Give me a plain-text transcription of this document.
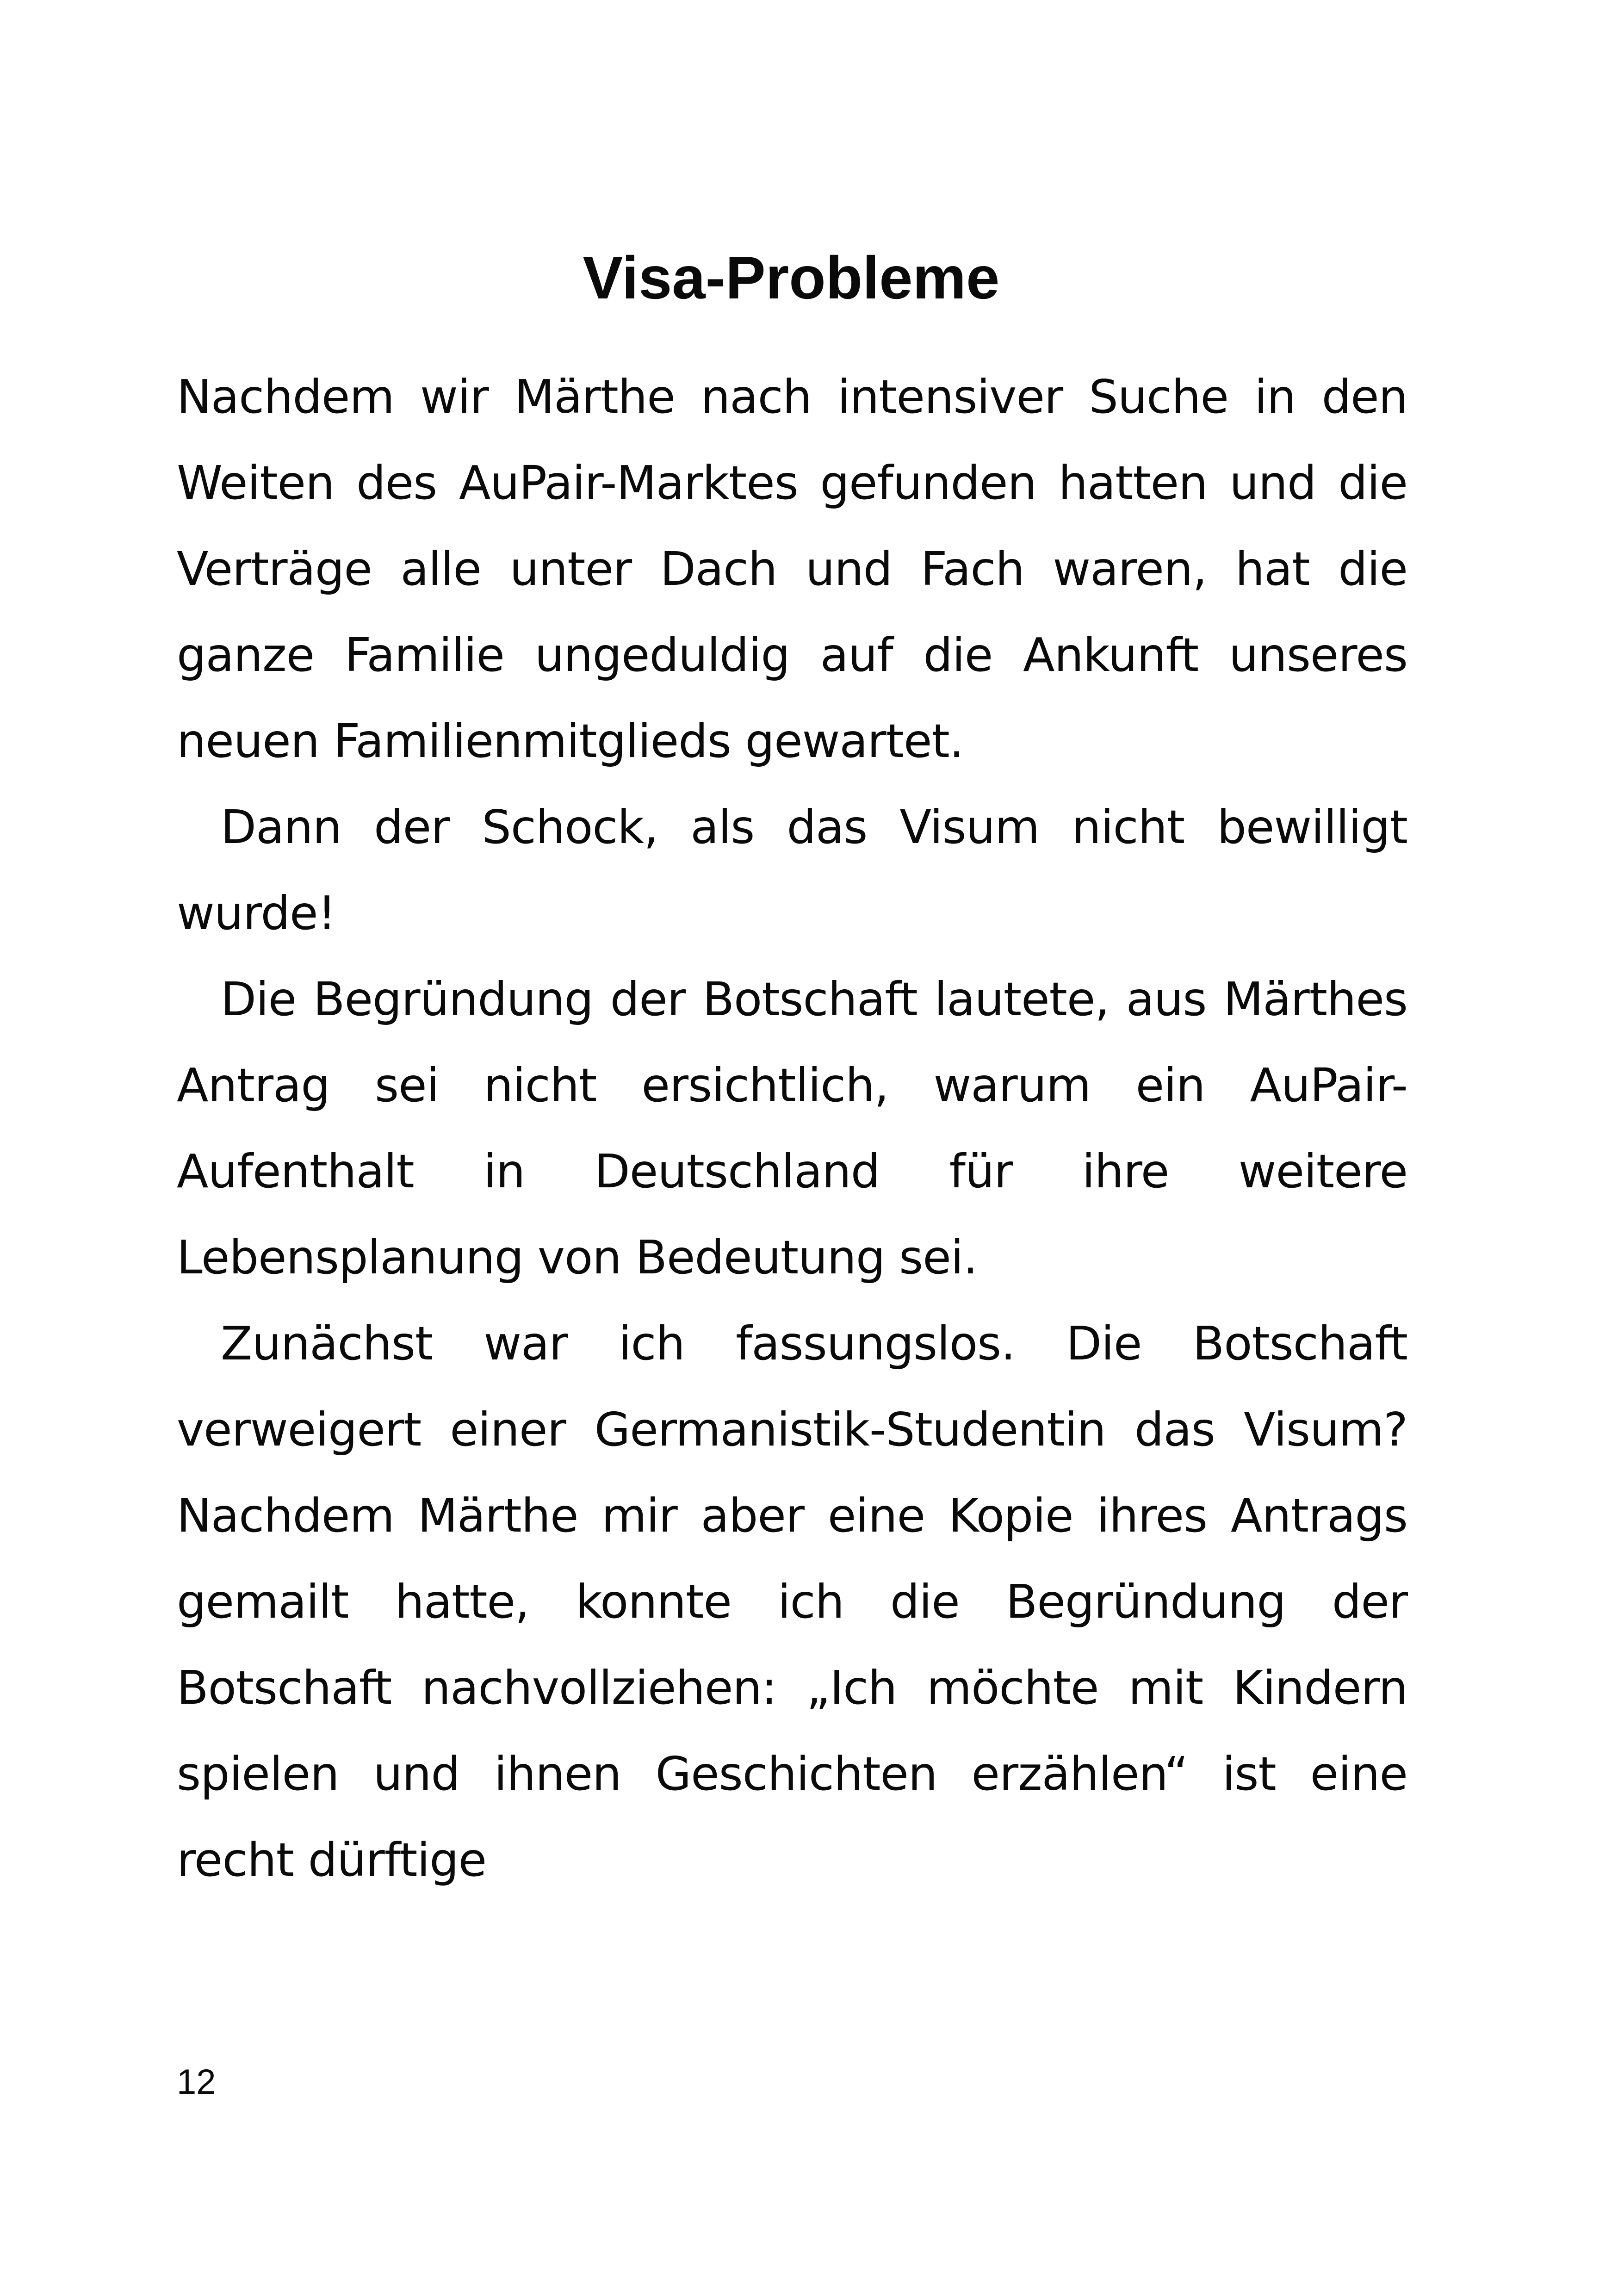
Visa-Probleme

Nachdem wir Märthe nach intensiver Suche in den Weiten des AuPair-Marktes gefunden hatten und die Verträge alle unter Dach und Fach waren, hat die ganze Familie ungeduldig auf die Ankunft unseres neuen Familienmitglieds gewartet.

Dann der Schock, als das Visum nicht bewilligt wurde!

Die Begründung der Botschaft lautete, aus Märthes Antrag sei nicht ersichtlich, warum ein AuPair-Aufenthalt in Deutschland für ihre weitere Lebensplanung von Bedeutung sei.

Zunächst war ich fassungslos. Die Botschaft verweigert einer Germanistik-Studentin das Visum? Nachdem Märthe mir aber eine Kopie ihres Antrags gemailt hatte, konnte ich die Begründung der Botschaft nachvollziehen: „Ich möchte mit Kindern spielen und ihnen Geschichten erzählen“ ist eine recht dürftige

12
